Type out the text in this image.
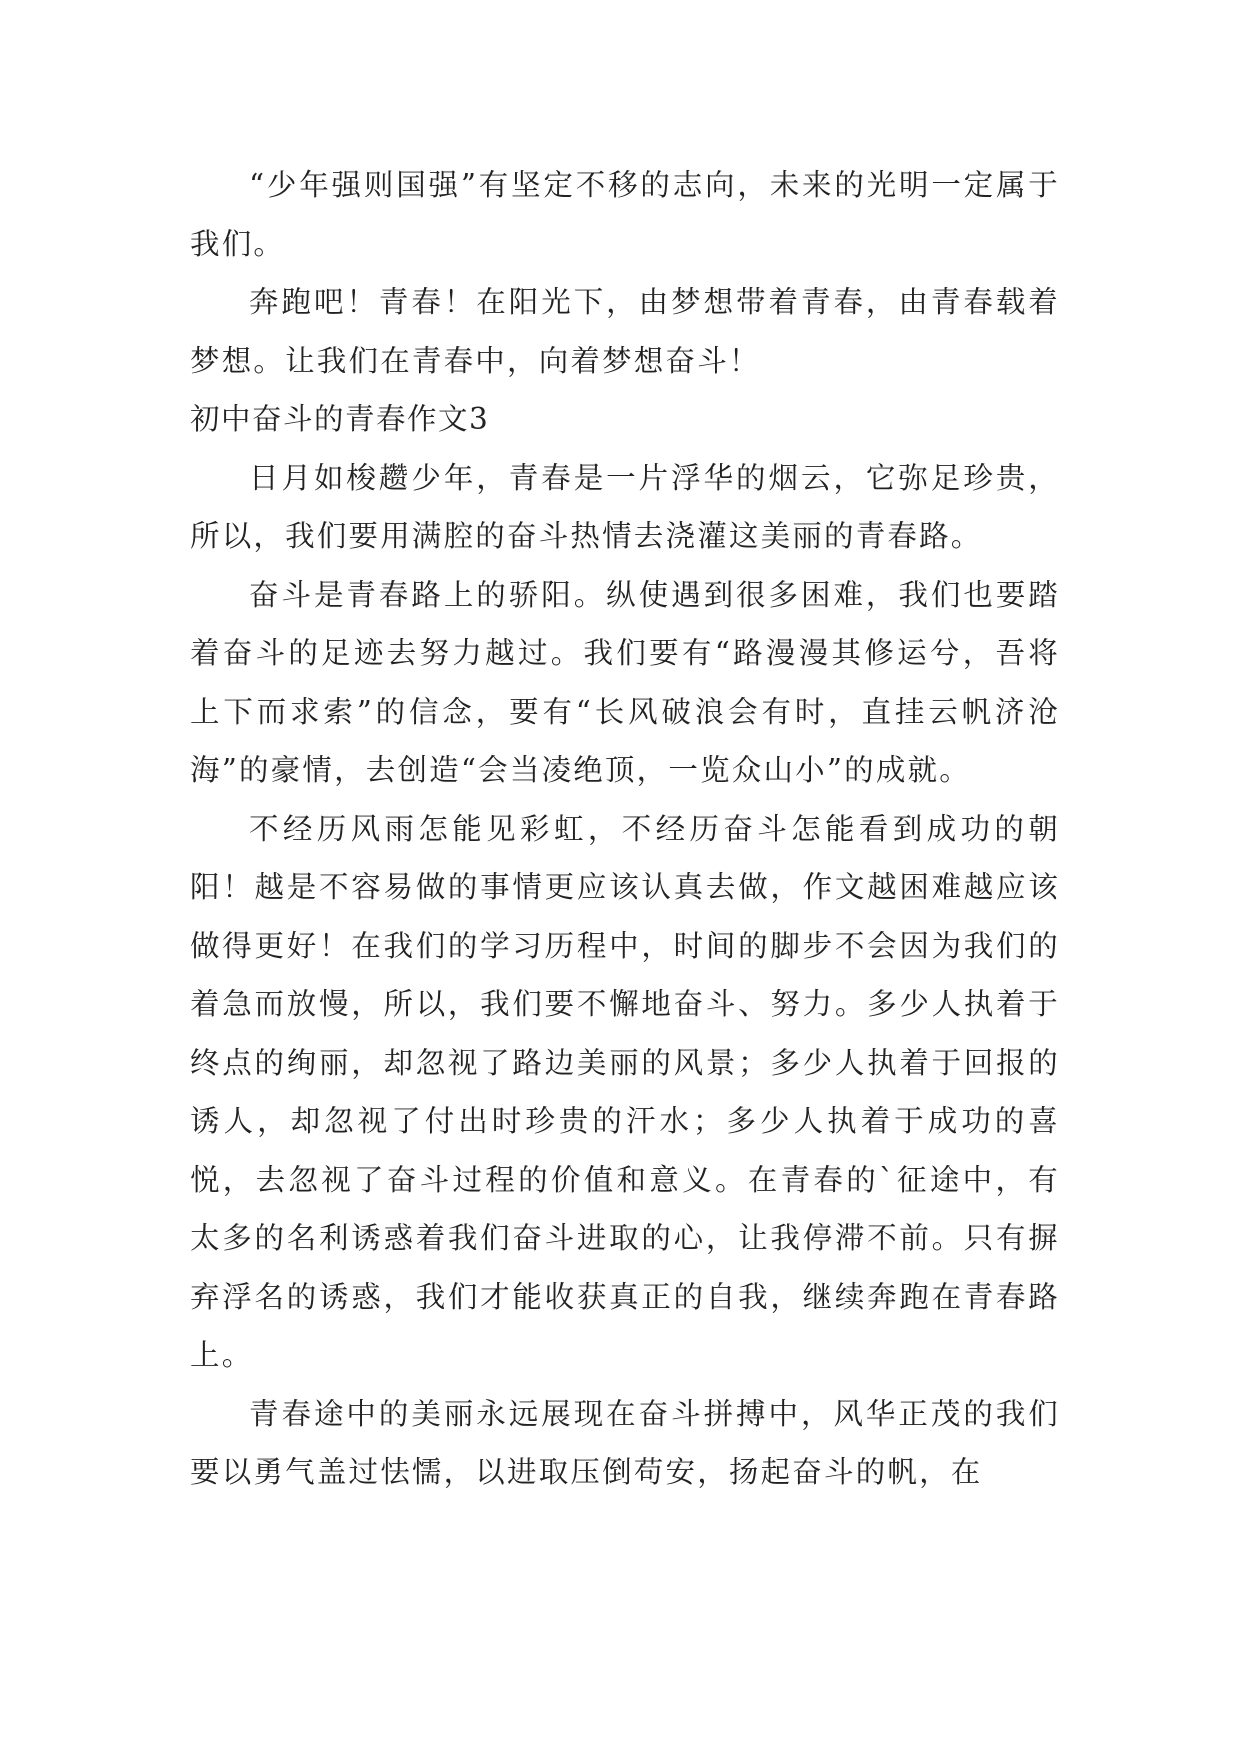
“少年强则国强”有坚定不移的志向，未来的光明一定属于我们。

奔跑吧！青春！在阳光下，由梦想带着青春，由青春载着梦想。让我们在青春中，向着梦想奋斗！

初中奋斗的青春作文3

日月如梭趱少年，青春是一片浮华的烟云，它弥足珍贵，所以，我们要用满腔的奋斗热情去浇灌这美丽的青春路。

奋斗是青春路上的骄阳。纵使遇到很多困难，我们也要踏着奋斗的足迹去努力越过。我们要有“路漫漫其修运兮，吾将上下而求索”的信念，要有“长风破浪会有时，直挂云帆济沧海”的豪情，去创造“会当凌绝顶，一览众山小”的成就。

不经历风雨怎能见彩虹，不经历奋斗怎能看到成功的朝阳！越是不容易做的事情更应该认真去做，作文越困难越应该做得更好！在我们的学习历程中，时间的脚步不会因为我们的着急而放慢，所以，我们要不懈地奋斗、努力。多少人执着于终点的绚丽，却忽视了路边美丽的风景；多少人执着于回报的诱人，却忽视了付出时珍贵的汗水；多少人执着于成功的喜悦，去忽视了奋斗过程的价值和意义。在青春的`征途中，有太多的名利诱惑着我们奋斗进取的心，让我停滞不前。只有摒弃浮名的诱惑，我们才能收获真正的自我，继续奔跑在青春路上。

青春途中的美丽永远展现在奋斗拼搏中，风华正茂的我们要以勇气盖过怯懦，以进取压倒苟安，扬起奋斗的帆，在
